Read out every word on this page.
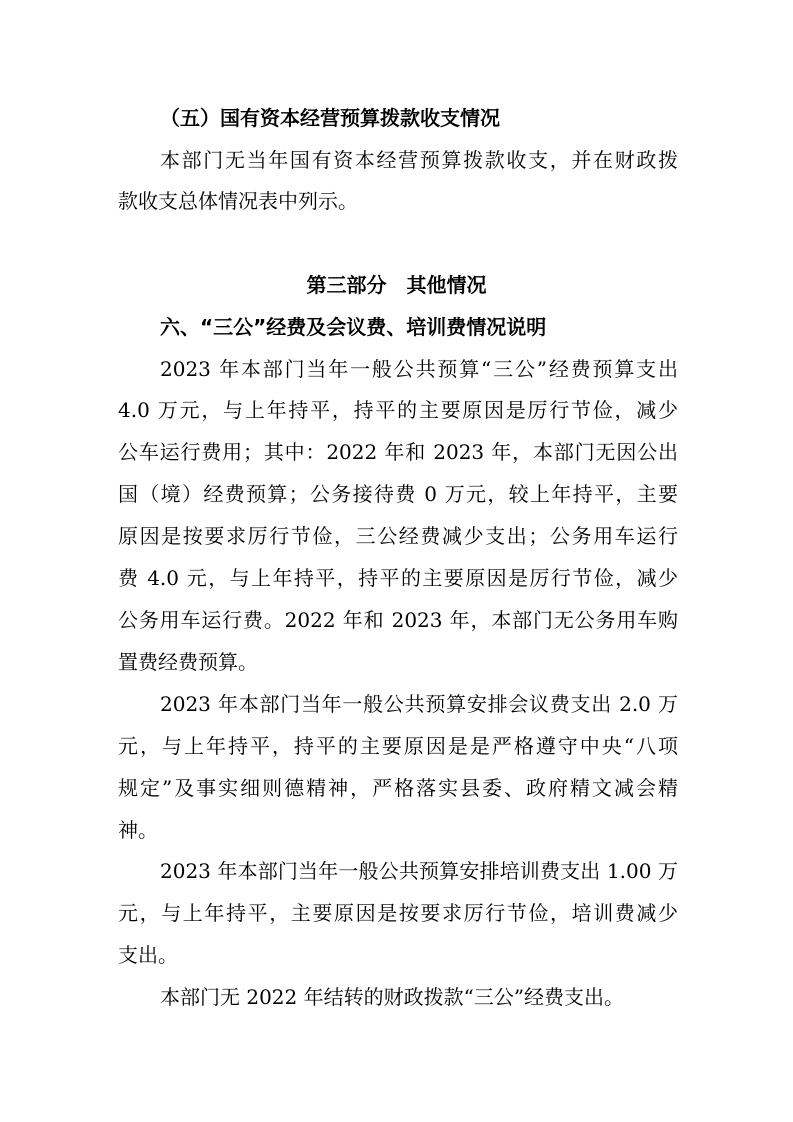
（五）国有资本经营预算拨款收支情况
本部门无当年国有资本经营预算拨款收支，并在财政拨
款收支总体情况表中列示。
第三部分　其他情况
六、“三公”经费及会议费、培训费情况说明
2023 年本部门当年一般公共预算“三公”经费预算支出
4.0 万元，与上年持平，持平的主要原因是厉行节俭，减少
公车运行费用；其中：2022 年和 2023 年，本部门无因公出
国（境）经费预算；公务接待费 0 万元，较上年持平，主要
原因是按要求厉行节俭，三公经费减少支出；公务用车运行
费 4.0 元，与上年持平，持平的主要原因是厉行节俭，减少
公务用车运行费。2022 年和 2023 年，本部门无公务用车购
置费经费预算。
2023 年本部门当年一般公共预算安排会议费支出 2.0 万
元，与上年持平，持平的主要原因是是严格遵守中央“八项
规定”及事实细则德精神，严格落实县委、政府精文减会精
神。
2023 年本部门当年一般公共预算安排培训费支出 1.00 万
元，与上年持平，主要原因是按要求厉行节俭，培训费减少
支出。
本部门无 2022 年结转的财政拨款“三公”经费支出。
